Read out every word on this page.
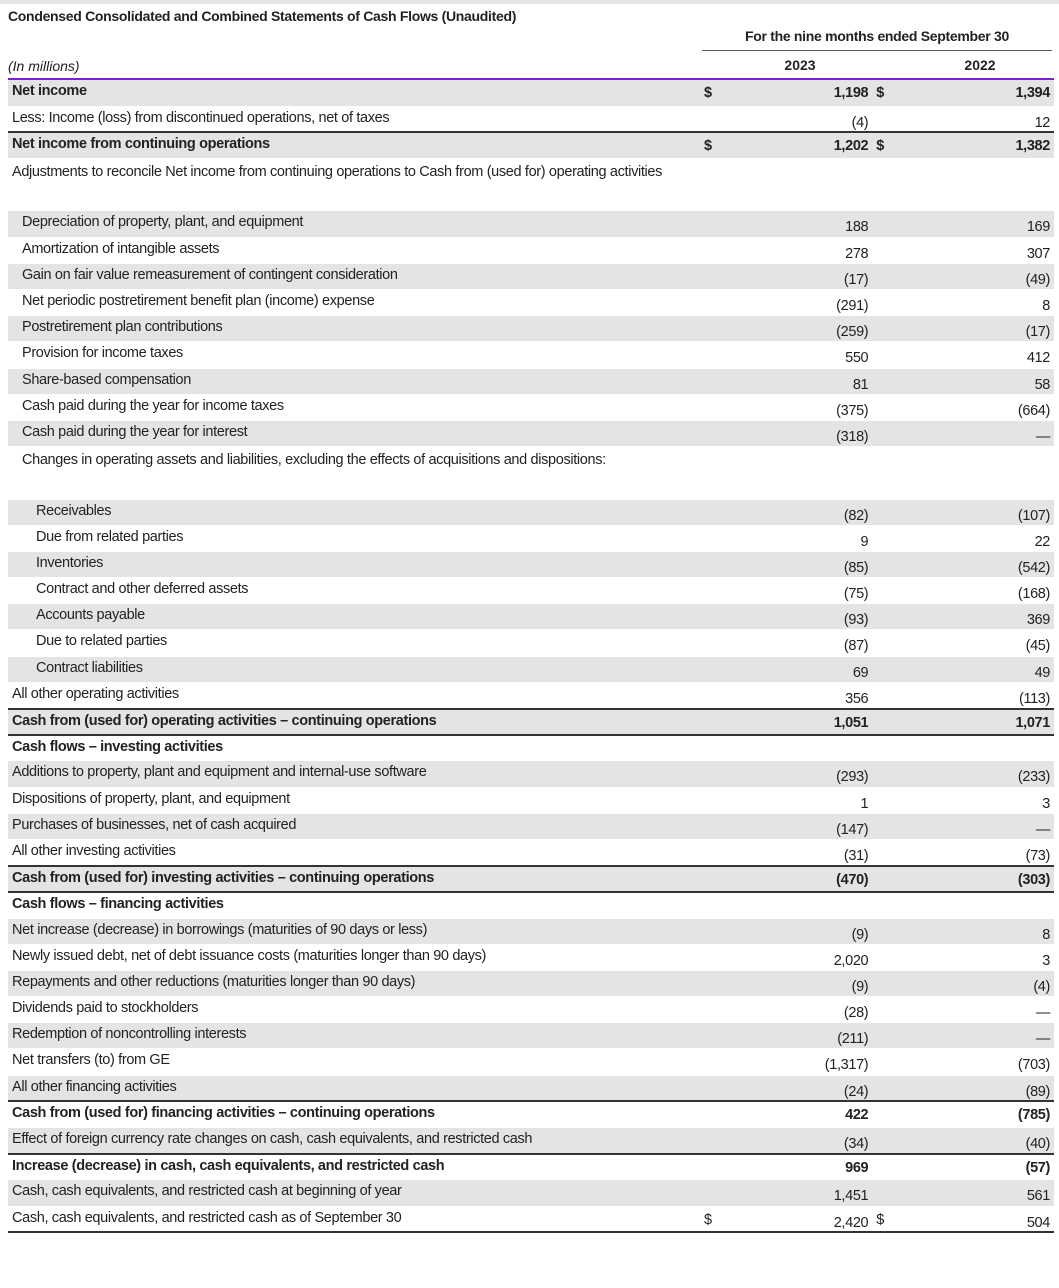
Condensed Consolidated and Combined Statements of Cash Flows (Unaudited)
For the nine months ended September 30
(In millions)	2023	2022
Net income	$	1,198	$	1,394
Less: Income (loss) from discontinued operations, net of taxes		(4)		12
Net income from continuing operations	$	1,202	$	1,382
Adjustments to reconcile Net income from continuing operations to Cash from (used for) operating activities				
Depreciation of property, plant, and equipment		188		169
Amortization of intangible assets		278		307
Gain on fair value remeasurement of contingent consideration		(17)		(49)
Net periodic postretirement benefit plan (income) expense		(291)		8
Postretirement plan contributions		(259)		(17)
Provision for income taxes		550		412
Share-based compensation		81		58
Cash paid during the year for income taxes		(375)		(664)
Cash paid during the year for interest		(318)		—
Changes in operating assets and liabilities, excluding the effects of acquisitions and dispositions:				
Receivables		(82)		(107)
Due from related parties		9		22
Inventories		(85)		(542)
Contract and other deferred assets		(75)		(168)
Accounts payable		(93)		369
Due to related parties		(87)		(45)
Contract liabilities		69		49
All other operating activities		356		(113)
Cash from (used for) operating activities – continuing operations		1,051		1,071
Cash flows – investing activities				
Additions to property, plant and equipment and internal-use software		(293)		(233)
Dispositions of property, plant, and equipment		1		3
Purchases of businesses, net of cash acquired		(147)		—
All other investing activities		(31)		(73)
Cash from (used for) investing activities – continuing operations		(470)		(303)
Cash flows – financing activities				
Net increase (decrease) in borrowings (maturities of 90 days or less)		(9)		8
Newly issued debt, net of debt issuance costs (maturities longer than 90 days)		2,020		3
Repayments and other reductions (maturities longer than 90 days)		(9)		(4)
Dividends paid to stockholders		(28)		—
Redemption of noncontrolling interests		(211)		—
Net transfers (to) from GE		(1,317)		(703)
All other financing activities		(24)		(89)
Cash from (used for) financing activities – continuing operations		422		(785)
Effect of foreign currency rate changes on cash, cash equivalents, and restricted cash		(34)		(40)
Increase (decrease) in cash, cash equivalents, and restricted cash		969		(57)
Cash, cash equivalents, and restricted cash at beginning of year		1,451		561
Cash, cash equivalents, and restricted cash as of September 30	$	2,420	$	504
